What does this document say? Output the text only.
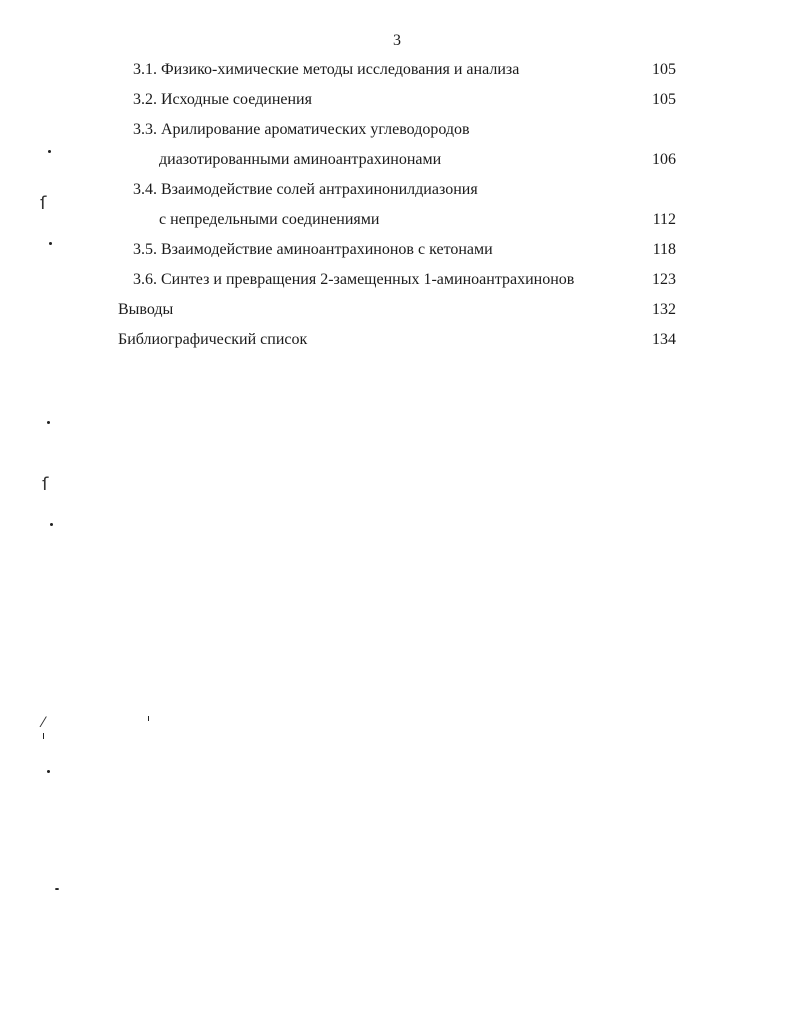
3
3.1. Физико-химические методы исследования и анализа	105
3.2. Исходные соединения	105
3.3. Арилирование ароматических углеводородов
диазотированными аминоантрахинонами	106
3.4. Взаимодействие солей антрахинонилдиазония
с непредельными соединениями	112
3.5. Взаимодействие аминоантрахинонов с кетонами	118
3.6. Синтез и превращения 2-замещенных 1-аминоантрахинонов	123
Выводы	132
Библиографический список	134
ſ
ſ
⁄
